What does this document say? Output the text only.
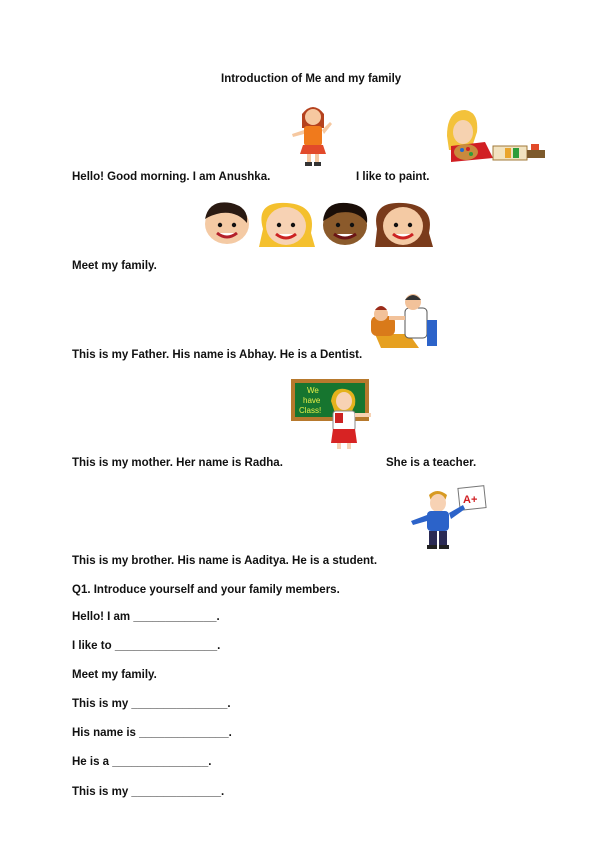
Introduction of Me and my family
Hello! Good morning. I am Anushka.	I like to paint.
Meet my family.
This is my Father. His name is Abhay. He is a Dentist.
We
have
Class!
This is my mother. Her name is Radha.	She is a teacher.
A+
This is my brother. His name is Aaditya. He is a student.
Q1. Introduce yourself and your family members.
Hello! I am _____________.
I like to ________________.
Meet my family.
This is my _______________.
His name is ______________.
He is a _______________.
This is my ______________.
